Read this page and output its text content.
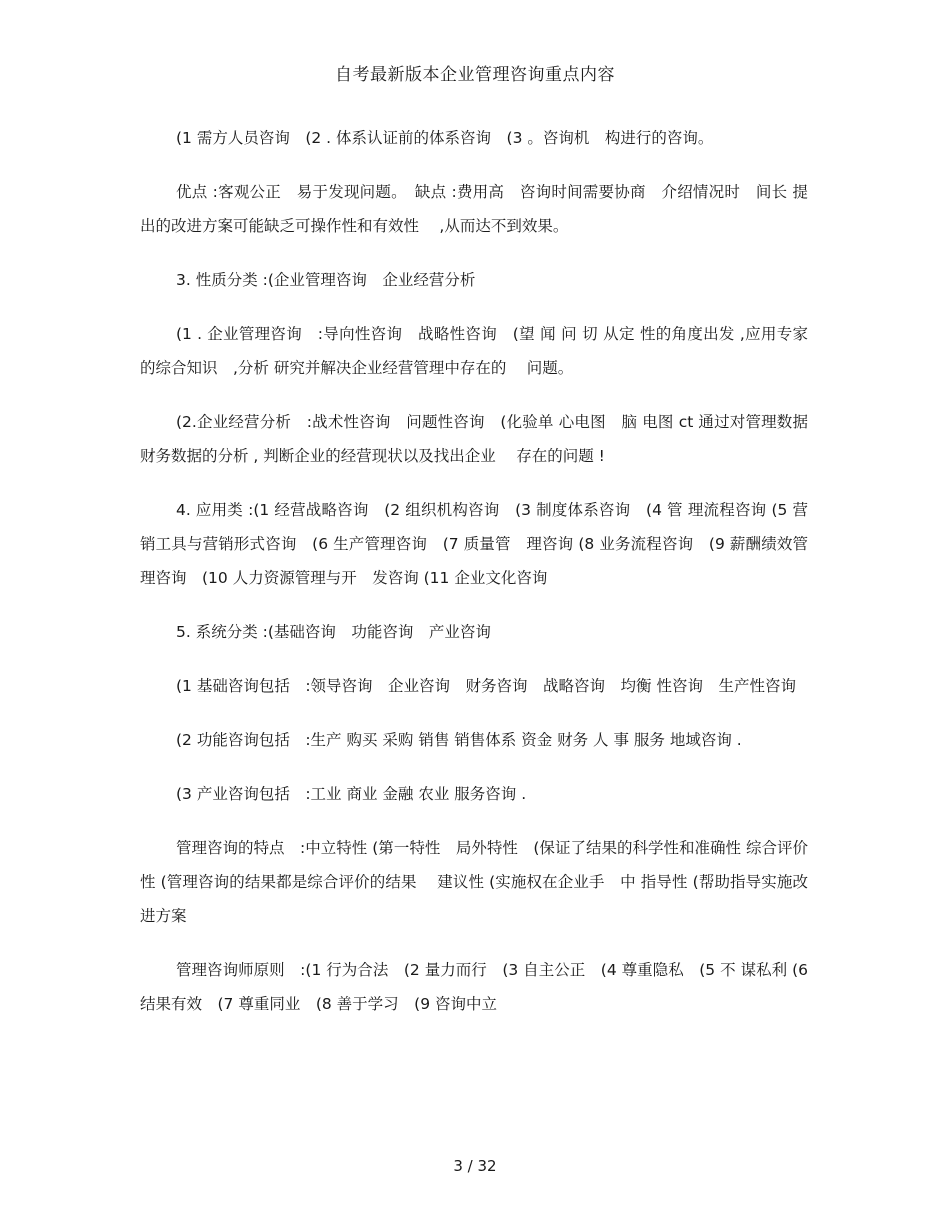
自考最新版本企业管理咨询重点内容

(1 需方人员咨询　(2 . 体系认证前的体系咨询　(3 。咨询机　构进行的咨询。

优点 :客观公正　易于发现问题。　缺点 :费用高　咨询时间需要协商　介绍情况时　间长 提出的改进方案可能缺乏可操作性和有效性　 ,从而达不到效果。

3. 性质分类 :(企业管理咨询　企业经营分析

(1 . 企业管理咨询　:导向性咨询　战略性咨询　(望 闻 问 切 从定 性的角度出发 ,应用专家的综合知识　,分析 研究并解决企业经营管理中存在的　 问题。

(2.企业经营分析　:战术性咨询　问题性咨询　(化验单 心电图　脑 电图 ct 通过对管理数据 财务数据的分析 , 判断企业的经营现状以及找出企业　 存在的问题 !

4. 应用类 :(1 经营战略咨询　(2 组织机构咨询　(3 制度体系咨询　(4 管 理流程咨询 (5 营销工具与营销形式咨询　(6 生产管理咨询　(7 质量管　理咨询 (8 业务流程咨询　(9 薪酬绩效管理咨询　(10 人力资源管理与开　发咨询 (11 企业文化咨询

5. 系统分类 :(基础咨询　功能咨询　产业咨询

(1 基础咨询包括　:领导咨询　企业咨询　财务咨询　战略咨询　均衡 性咨询　生产性咨询

(2 功能咨询包括　:生产 购买 采购 销售 销售体系 资金 财务 人 事 服务 地域咨询 .

(3 产业咨询包括　:工业 商业 金融 农业 服务咨询 .

管理咨询的特点　:中立特性 (第一特性　局外特性　(保证了结果的科学性和准确性 综合评价性 (管理咨询的结果都是综合评价的结果　 建议性 (实施权在企业手　中 指导性 (帮助指导实施改进方案

管理咨询师原则　:(1 行为合法　(2 量力而行　(3 自主公正　(4 尊重隐私　(5 不 谋私利 (6 结果有效　(7 尊重同业　(8 善于学习　(9 咨询中立

3 / 32
